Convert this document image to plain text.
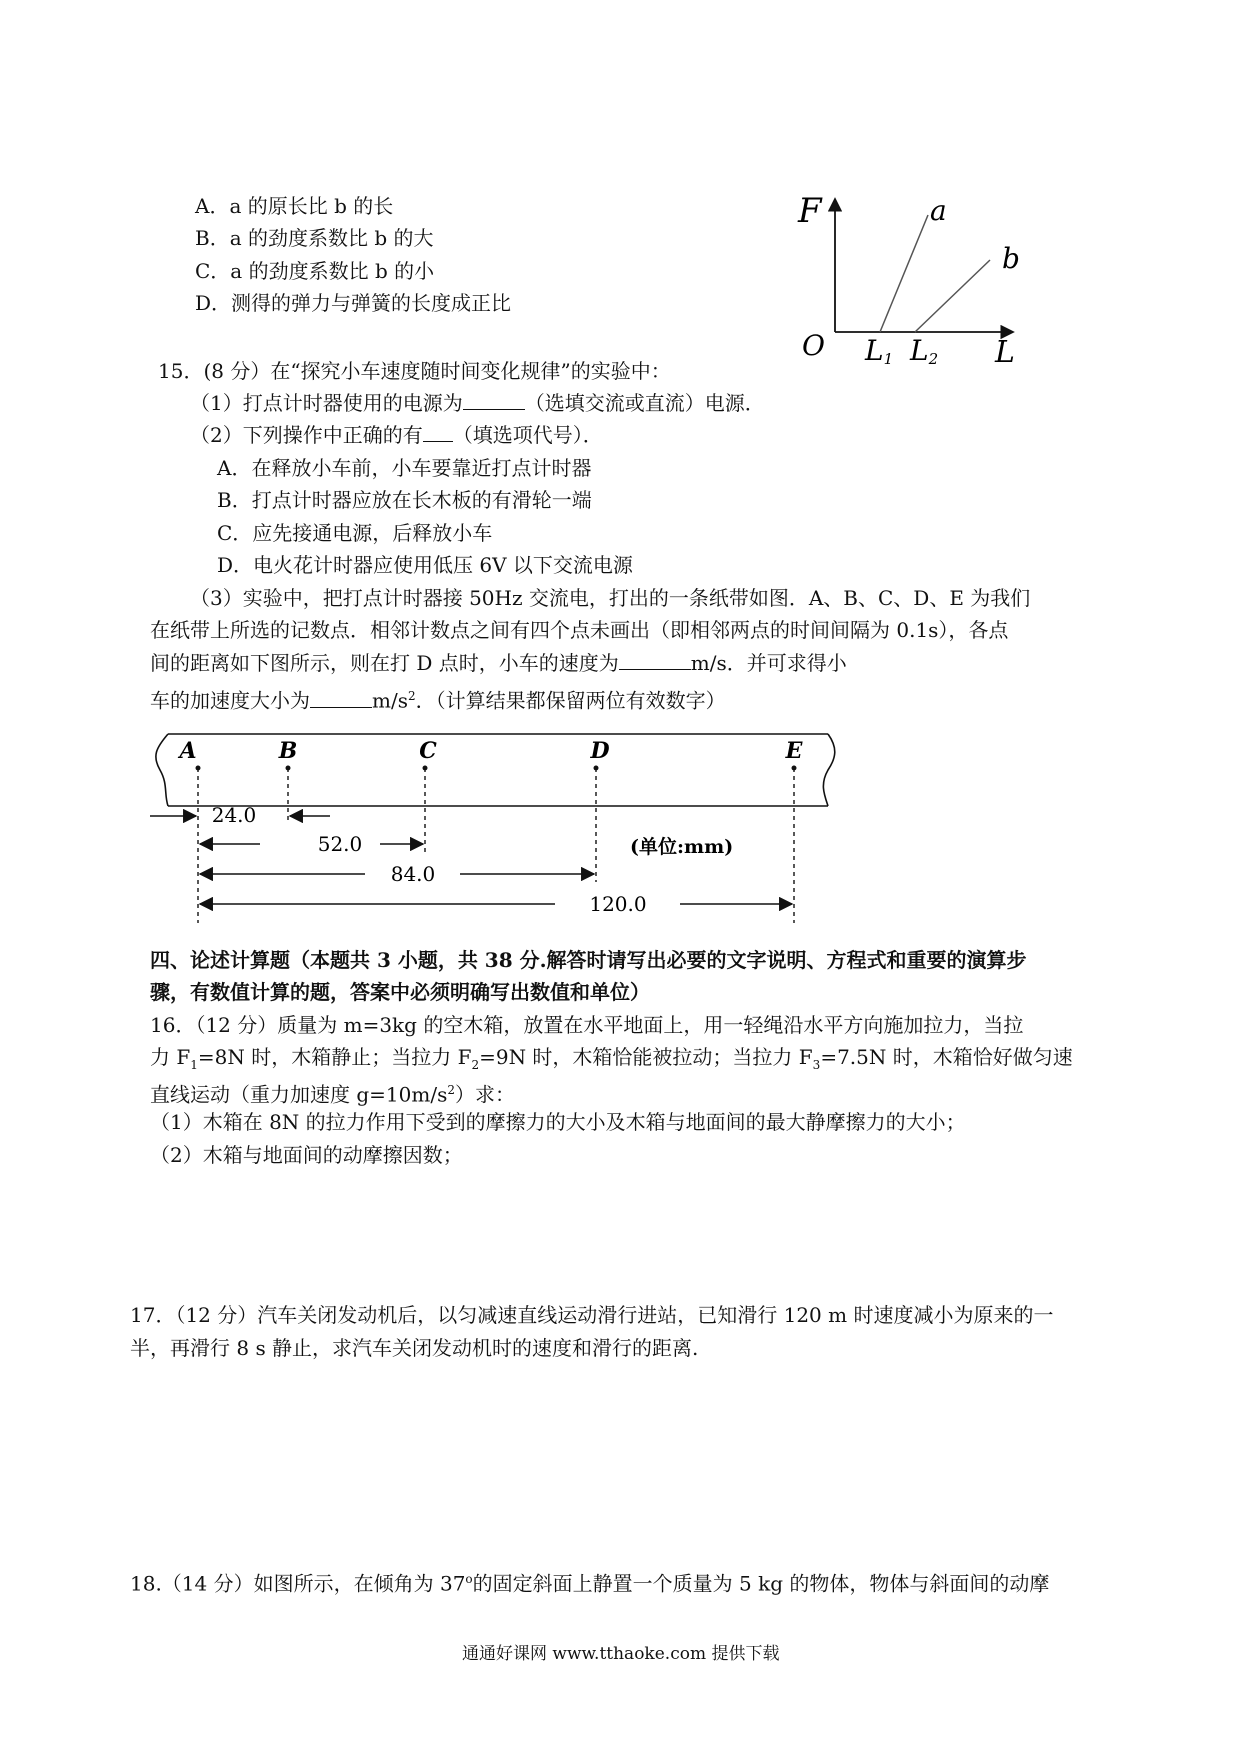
A．a 的原长比 b 的长
B．a 的劲度系数比 b 的大
C．a 的劲度系数比 b 的小
D．测得的弹力与弹簧的长度成正比
F	a
b
O L1 L2 L
15．(8 分）在“探究小车速度随时间变化规律”的实验中：
（1）打点计时器使用的电源为	（选填交流或直流）电源．
（2）下列操作中正确的有 （填选项代号）．
A．在释放小车前，小车要靠近打点计时器
B．打点计时器应放在长木板的有滑轮一端
C．应先接通电源，后释放小车
D．电火花计时器应使用低压 6V 以下交流电源
（3）实验中，把打点计时器接 50Hz 交流电，打出的一条纸带如图．A、B、C、D、E 为我们
在纸带上所选的记数点．相邻计数点之间有四个点未画出（即相邻两点的时间间隔为 0.1s），各点
间的距离如下图所示，则在打 D 点时，小车的速度为	m/s．并可求得小
车的加速度大小为	$m/s^2$．（计算结果都保留两位有效数字）
A	B	C	D	E
24.0
52.0
84.0
120.0
(单位:mm)
四、论述计算题（本题共 3 小题，共 38 分.解答时请写出必要的文字说明、方程式和重要的演算步
骤，有数值计算的题，答案中必须明确写出数值和单位）
16．（12 分）质量为 m=3kg 的空木箱，放置在水平地面上，用一轻绳沿水平方向施加拉力，当拉
力 $F_1=8N$ 时，木箱静止；当拉力 $F_2=9N$ 时，木箱恰能被拉动；当拉力 $F_3=7.5N$ 时，木箱恰好做匀速
直线运动（重力加速度 $g=10m/s^2$）求：
（1）木箱在 8N 的拉力作用下受到的摩擦力的大小及木箱与地面间的最大静摩擦力的大小；
（2）木箱与地面间的动摩擦因数；
17．（12 分）汽车关闭发动机后，以匀减速直线运动滑行进站，已知滑行 120 m 时速度减小为原来的一
半，再滑行 8 s 静止，求汽车关闭发动机时的速度和滑行的距离.
18.（14 分）如图所示，在倾角为 37$^o$的固定斜面上静置一个质量为 5 kg 的物体，物体与斜面间的动摩
通通好课网 www.tthaoke.com 提供下载
